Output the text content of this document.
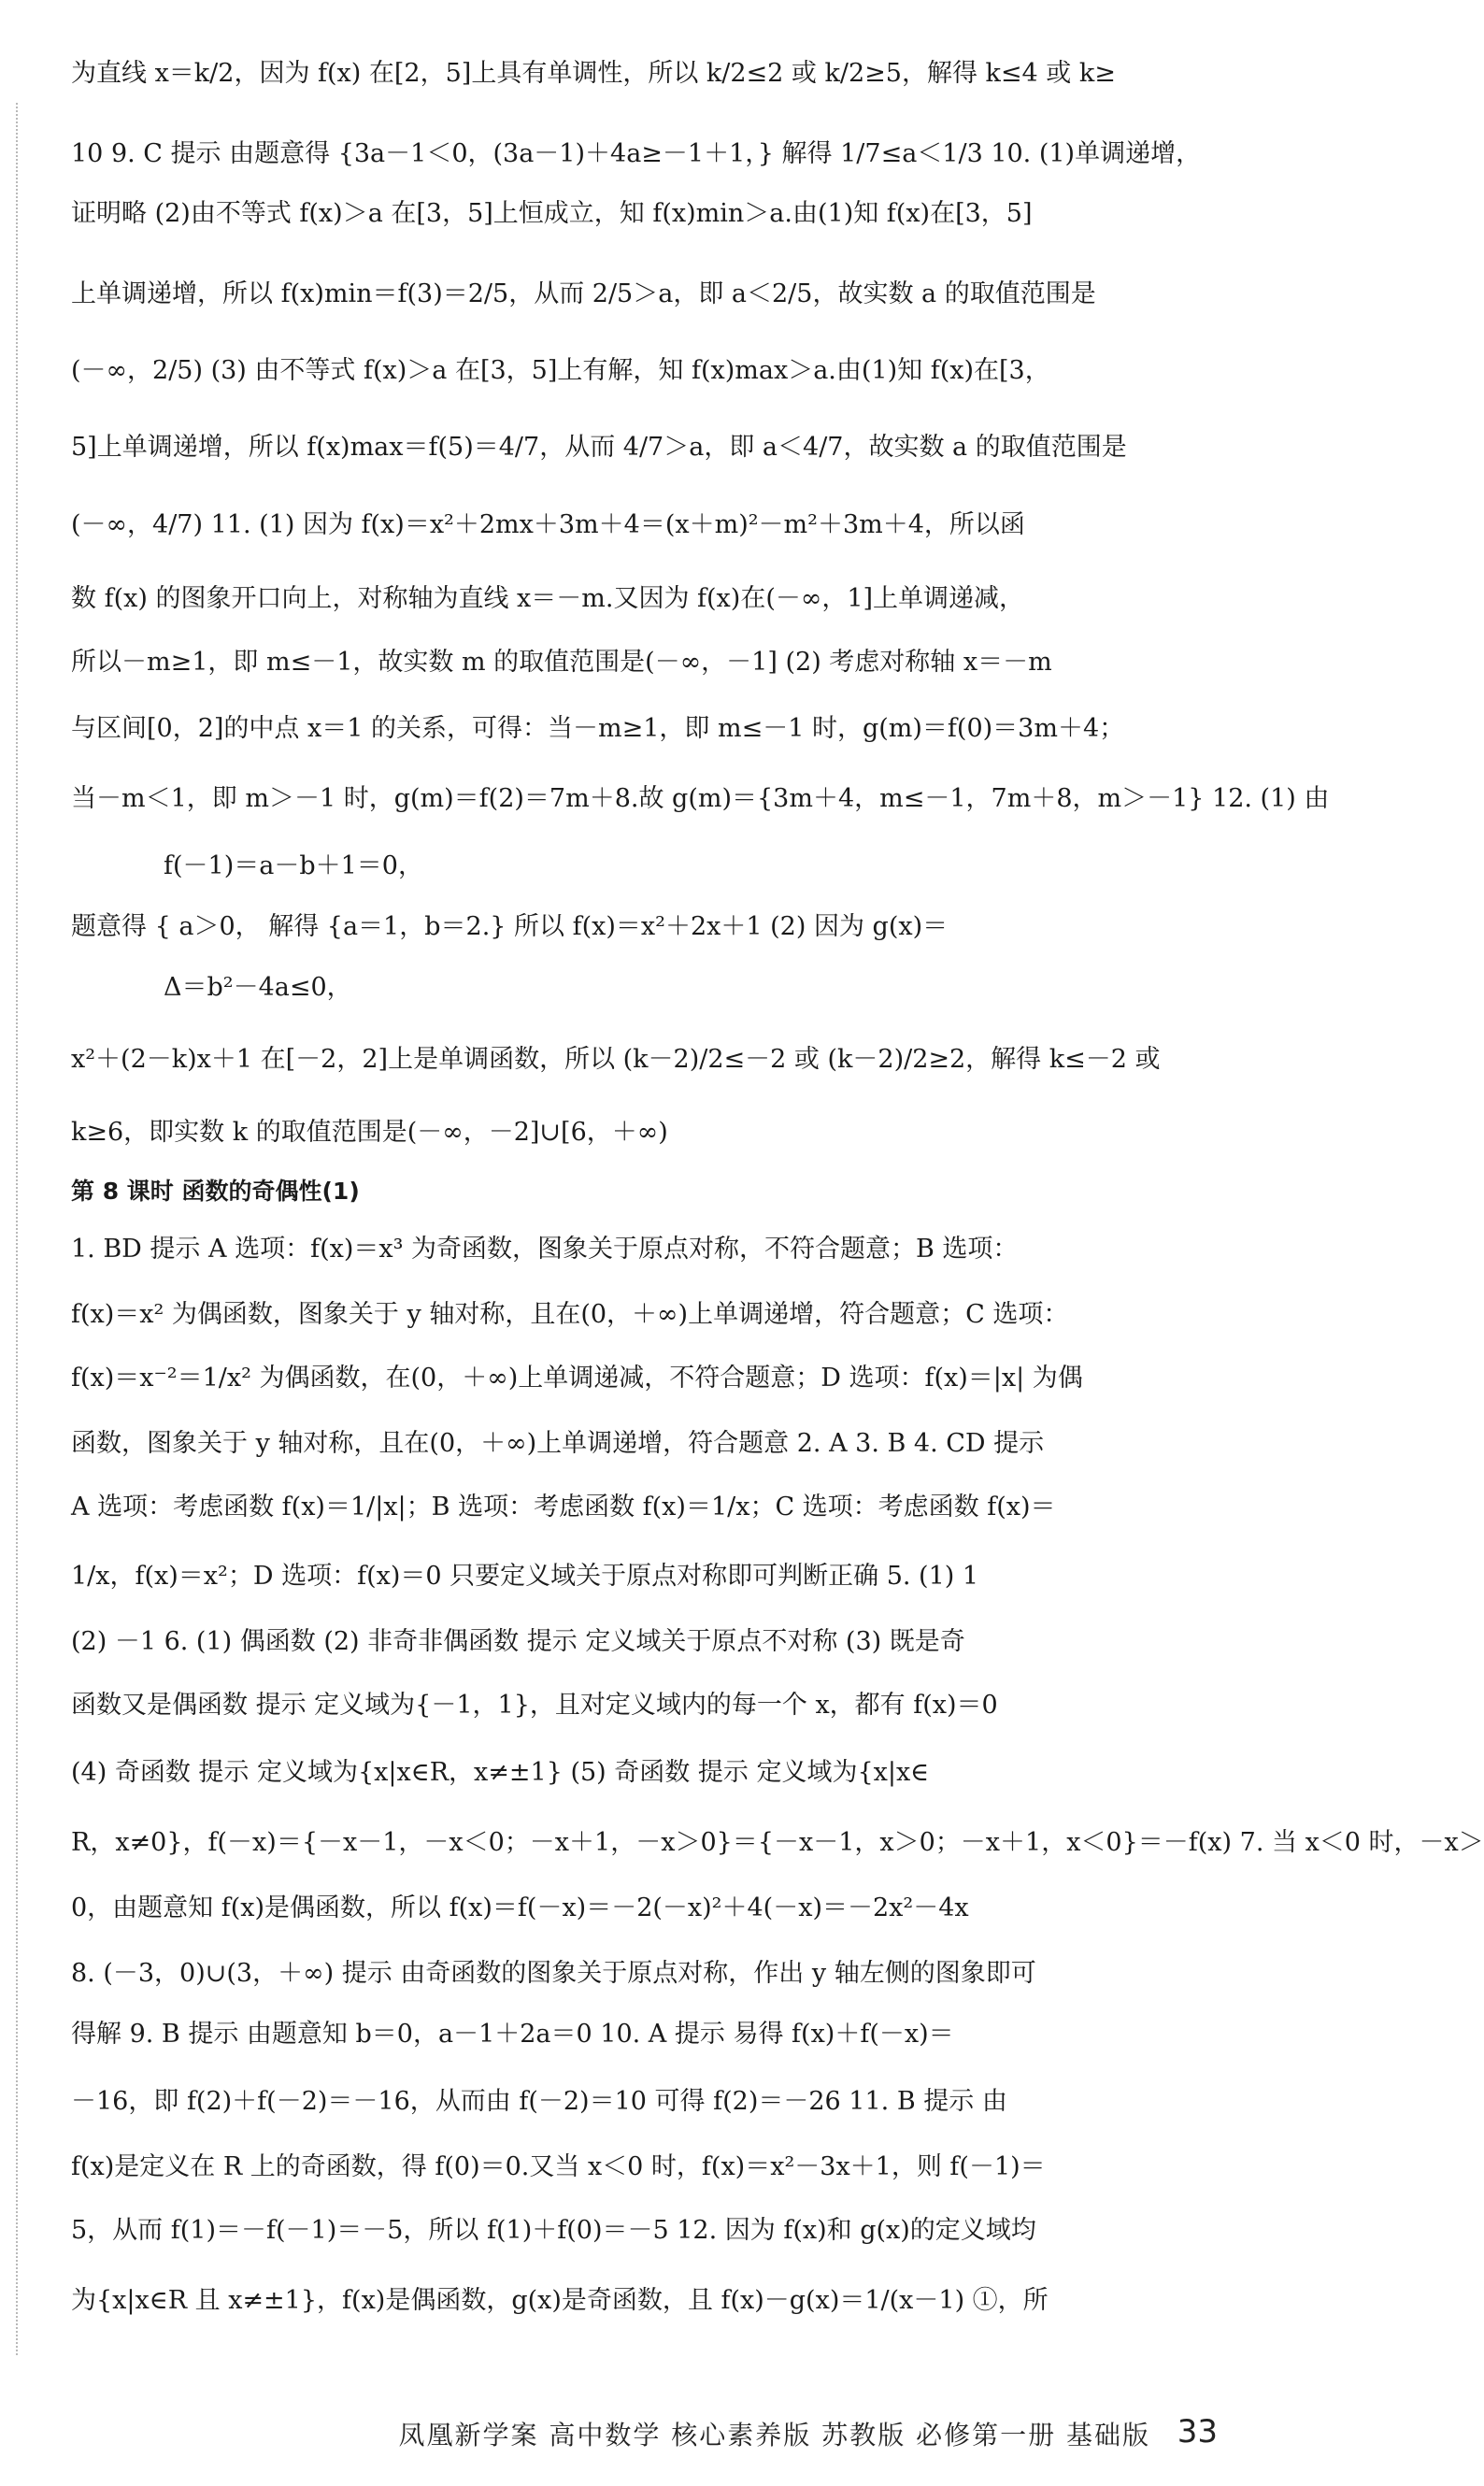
为直线 x＝k/2，因为 f(x) 在[2，5]上具有单调性，所以 k/2≤2 或 k/2≥5，解得 k≤4 或 k≥
10 9. C 提示 由题意得 {3a－1＜0，(3a－1)＋4a≥－1＋1，} 解得 1/7≤a＜1/3 10. (1)单调递增，
证明略 (2)由不等式 f(x)＞a 在[3，5]上恒成立，知 f(x)min＞a.由(1)知 f(x)在[3，5]
上单调递增，所以 f(x)min＝f(3)＝2/5，从而 2/5＞a，即 a＜2/5，故实数 a 的取值范围是
(－∞，2/5) (3) 由不等式 f(x)＞a 在[3，5]上有解，知 f(x)max＞a.由(1)知 f(x)在[3，
5]上单调递增，所以 f(x)max＝f(5)＝4/7，从而 4/7＞a，即 a＜4/7，故实数 a 的取值范围是
(－∞，4/7) 11. (1) 因为 f(x)＝x²＋2mx＋3m＋4＝(x＋m)²－m²＋3m＋4，所以函
数 f(x) 的图象开口向上，对称轴为直线 x＝－m.又因为 f(x)在(－∞，1]上单调递减，
所以－m≥1，即 m≤－1，故实数 m 的取值范围是(－∞，－1] (2) 考虑对称轴 x＝－m
与区间[0，2]的中点 x＝1 的关系，可得：当－m≥1，即 m≤－1 时，g(m)＝f(0)＝3m＋4；
当－m＜1，即 m＞－1 时，g(m)＝f(2)＝7m＋8.故 g(m)＝{3m＋4，m≤－1，7m＋8，m＞－1} 12. (1) 由
f(－1)＝a－b＋1＝0，
题意得 { a＞0， 解得 {a＝1，b＝2.} 所以 f(x)＝x²＋2x＋1 (2) 因为 g(x)＝
Δ＝b²－4a≤0，
x²＋(2－k)x＋1 在[－2，2]上是单调函数，所以 (k－2)/2≤－2 或 (k－2)/2≥2，解得 k≤－2 或
k≥6，即实数 k 的取值范围是(－∞，－2]∪[6，＋∞)
第 8 课时 函数的奇偶性(1)
1. BD 提示 A 选项：f(x)＝x³ 为奇函数，图象关于原点对称，不符合题意；B 选项：
f(x)＝x² 为偶函数，图象关于 y 轴对称，且在(0，＋∞)上单调递增，符合题意；C 选项：
f(x)＝x⁻²＝1/x² 为偶函数，在(0，＋∞)上单调递减，不符合题意；D 选项：f(x)＝|x| 为偶
函数，图象关于 y 轴对称，且在(0，＋∞)上单调递增，符合题意 2. A 3. B 4. CD 提示
A 选项：考虑函数 f(x)＝1/|x|；B 选项：考虑函数 f(x)＝1/x；C 选项：考虑函数 f(x)＝
1/x，f(x)＝x²；D 选项：f(x)＝0 只要定义域关于原点对称即可判断正确 5. (1) 1
(2) －1 6. (1) 偶函数 (2) 非奇非偶函数 提示 定义域关于原点不对称 (3) 既是奇
函数又是偶函数 提示 定义域为{－1，1}，且对定义域内的每一个 x，都有 f(x)＝0
(4) 奇函数 提示 定义域为{x|x∈R，x≠±1} (5) 奇函数 提示 定义域为{x|x∈
R，x≠0}，f(－x)＝{－x－1，－x＜0；－x＋1，－x＞0}＝{－x－1，x＞0；－x＋1，x＜0}＝－f(x) 7. 当 x＜0 时，－x＞
0，由题意知 f(x)是偶函数，所以 f(x)＝f(－x)＝－2(－x)²＋4(－x)＝－2x²－4x
8. (－3，0)∪(3，＋∞) 提示 由奇函数的图象关于原点对称，作出 y 轴左侧的图象即可
得解 9. B 提示 由题意知 b＝0，a－1＋2a＝0 10. A 提示 易得 f(x)＋f(－x)＝
－16，即 f(2)＋f(－2)＝－16，从而由 f(－2)＝10 可得 f(2)＝－26 11. B 提示 由
f(x)是定义在 R 上的奇函数，得 f(0)＝0.又当 x＜0 时，f(x)＝x²－3x＋1，则 f(－1)＝
5，从而 f(1)＝－f(－1)＝－5，所以 f(1)＋f(0)＝－5 12. 因为 f(x)和 g(x)的定义域均
为{x|x∈R 且 x≠±1}，f(x)是偶函数，g(x)是奇函数，且 f(x)－g(x)＝1/(x－1) ①，所
凤凰新学案 高中数学 核心素养版 苏教版 必修第一册 基础版 33
